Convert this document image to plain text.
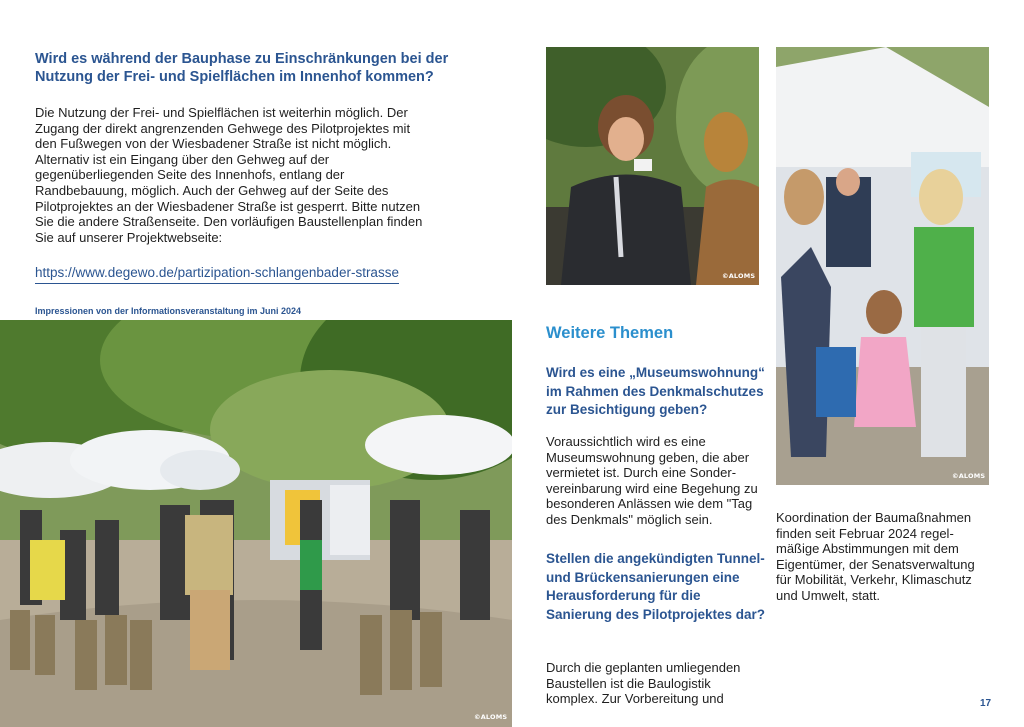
Wird es während der Bauphase zu Einschränkungen bei der Nutzung der Frei- und Spielflächen im Innenhof kommen?
Die Nutzung der Frei- und Spielflächen ist weiterhin möglich. Der Zugang der direkt angrenzenden Gehwege des Pilotprojektes mit den Fußwegen von der Wiesbadener Straße ist nicht möglich. Alternativ ist ein Eingang über den Gehweg auf der gegenüberliegenden Seite des Innenhofs, entlang der Randbebauung, möglich. Auch der Gehweg auf der Seite des Pilotprojektes an der Wiesbadener Straße ist gesperrt. Bitte nutzen Sie die andere Straßenseite. Den vorläufigen Baustellenplan finden Sie auf unserer Projektwebseite:
https://www.degewo.de/partizipation-schlangenbader-strasse
Impressionen von der Informationsveranstaltung im Juni 2024
©ALOMS
©ALOMS
©ALOMS
Weitere Themen
Wird es eine „Museumswohnung“ im Rahmen des Denkmalschutzes zur Besichtigung geben?
Voraussichtlich wird es eine Museumswohnung geben, die aber vermietet ist. Durch eine Sondervereinbarung wird eine Begehung zu besonderen Anlässen wie dem "Tag des Denkmals" möglich sein.
Stellen die angekündigten Tunnel- und Brückensanierungen eine Herausforderung für die Sanierung des Pilotprojektes dar?
Durch die geplanten umliegenden Baustellen ist die Baulogistik komplex. Zur Vorbereitung und
Koordination der Baumaßnahmen finden seit Februar 2024 regelmäßige Abstimmungen mit dem Eigentümer, der Senatsverwaltung für Mobilität, Verkehr, Klimaschutz und Umwelt, statt.
17
